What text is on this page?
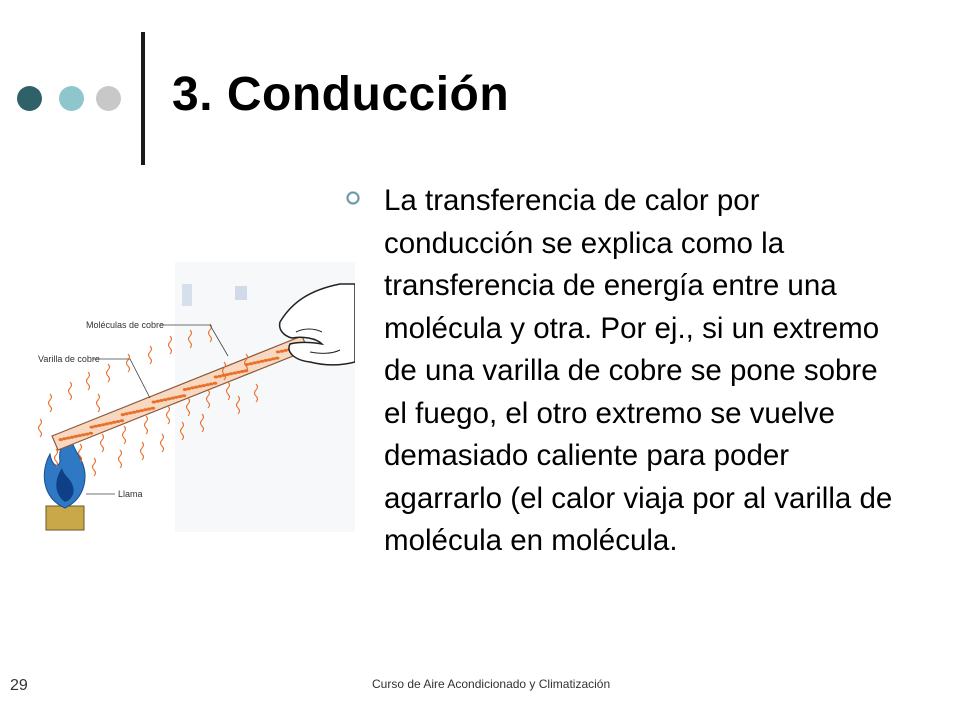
3. Conducción
Moléculas de cobre
Varilla de cobre
Llama

La transferencia de calor por conducción se explica como la transferencia de energía entre una molécula y otra. Por ej., si un extremo de una varilla de cobre se pone sobre el fuego, el otro extremo se vuelve demasiado caliente para poder agarrarlo (el calor viaja por al varilla de molécula en molécula.

29	Curso de Aire Acondicionado y Climatización
